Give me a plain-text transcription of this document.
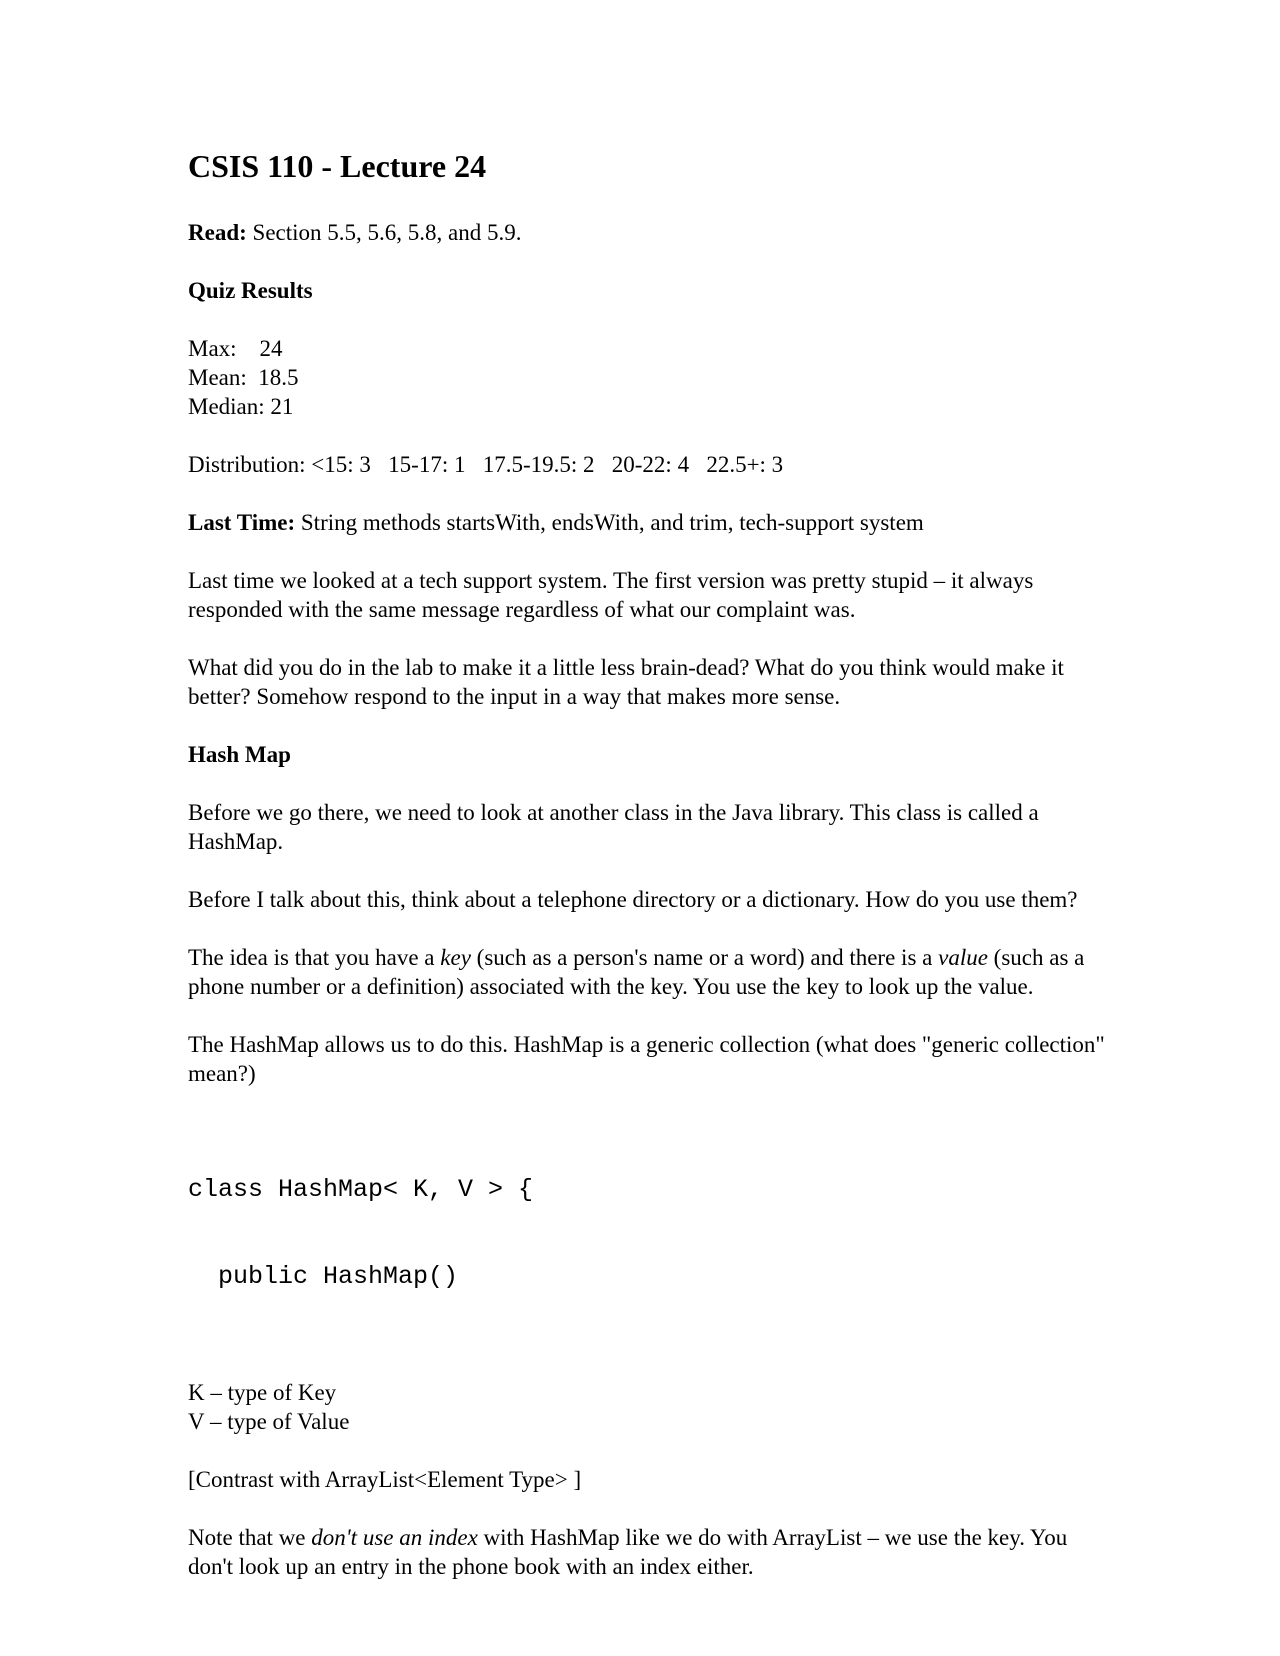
CSIS 110 - Lecture 24

Read: Section 5.5, 5.6, 5.8, and 5.9.

Quiz Results
Max:    24
Mean:  18.5
Median: 21

Distribution: <15: 3   15-17: 1   17.5-19.5: 2   20-22: 4   22.5+: 3

Last Time: String methods startsWith, endsWith, and trim, tech-support system

Last time we looked at a tech support system. The first version was pretty stupid – it always responded with the same message regardless of what our complaint was.

What did you do in the lab to make it a little less brain-dead? What do you think would make it better? Somehow respond to the input in a way that makes more sense.

Hash Map

Before we go there, we need to look at another class in the Java library. This class is called a HashMap.

Before I talk about this, think about a telephone directory or a dictionary. How do you use them?

The idea is that you have a key (such as a person's name or a word) and there is a value (such as a phone number or a definition) associated with the key. You use the key to look up the value.

The HashMap allows us to do this. HashMap is a generic collection (what does "generic collection" mean?)

class HashMap< K, V > {

public HashMap()

K – type of Key
V – type of Value

[Contrast with ArrayList<Element Type> ]

Note that we don't use an index with HashMap like we do with ArrayList – we use the key. You don't look up an entry in the phone book with an index either.
